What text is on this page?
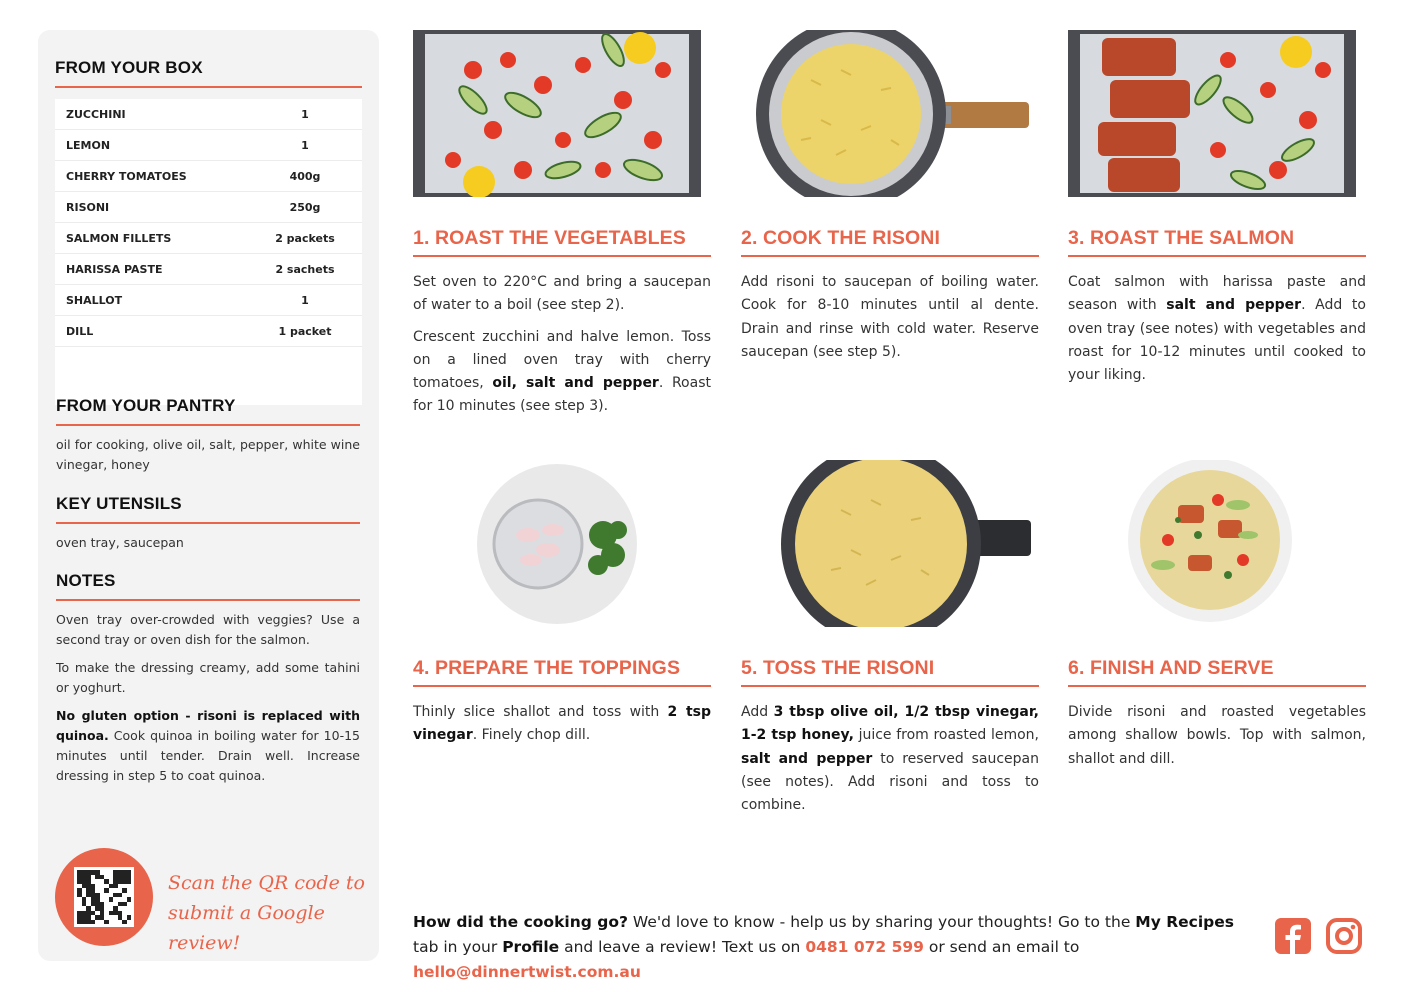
FROM YOUR BOX
ZUCCHINI	1
LEMON	1
CHERRY TOMATOES	400g
RISONI	250g
SALMON FILLETS	2 packets
HARISSA PASTE	2 sachets
SHALLOT	1
DILL	1 packet
FROM YOUR PANTRY

oil for cooking, olive oil, salt, pepper, white wine vinegar, honey

KEY UTENSILS

oven tray, saucepan

NOTES

Oven tray over-crowded with veggies? Use a second tray or oven dish for the salmon.

To make the dressing creamy, add some tahini or yoghurt.

No gluten option - risoni is replaced with quinoa. Cook quinoa in boiling water for 10-15 minutes until tender. Drain well. Increase dressing in step 5 to coat quinoa.

Scan the QR code to
submit a Google review!
1. ROAST THE VEGETABLES

Set oven to 220°C and bring a saucepan of water to a boil (see step 2).

Crescent zucchini and halve lemon. Toss on a lined oven tray with cherry tomatoes, oil, salt and pepper. Roast for 10 minutes (see step 3).

2. COOK THE RISONI

Add risoni to saucepan of boiling water. Cook for 8-10 minutes until al dente. Drain and rinse with cold water. Reserve saucepan (see step 5).

3. ROAST THE SALMON

Coat salmon with harissa paste and season with salt and pepper. Add to oven tray (see notes) with vegetables and roast for 10-12 minutes until cooked to your liking.

4. PREPARE THE TOPPINGS

Thinly slice shallot and toss with 2 tsp vinegar. Finely chop dill.

5. TOSS THE RISONI

Add 3 tbsp olive oil, 1/2 tbsp vinegar, 1-2 tsp honey, juice from roasted lemon, salt and pepper to reserved saucepan (see notes). Add risoni and toss to combine.

6. FINISH AND SERVE

Divide risoni and roasted vegetables among shallow bowls. Top with salmon, shallot and dill.

How did the cooking go? We'd love to know - help us by sharing your thoughts! Go to the My Recipes tab in your Profile and leave a review! Text us on 0481 072 599 or send an email to hello@dinnertwist.com.au
